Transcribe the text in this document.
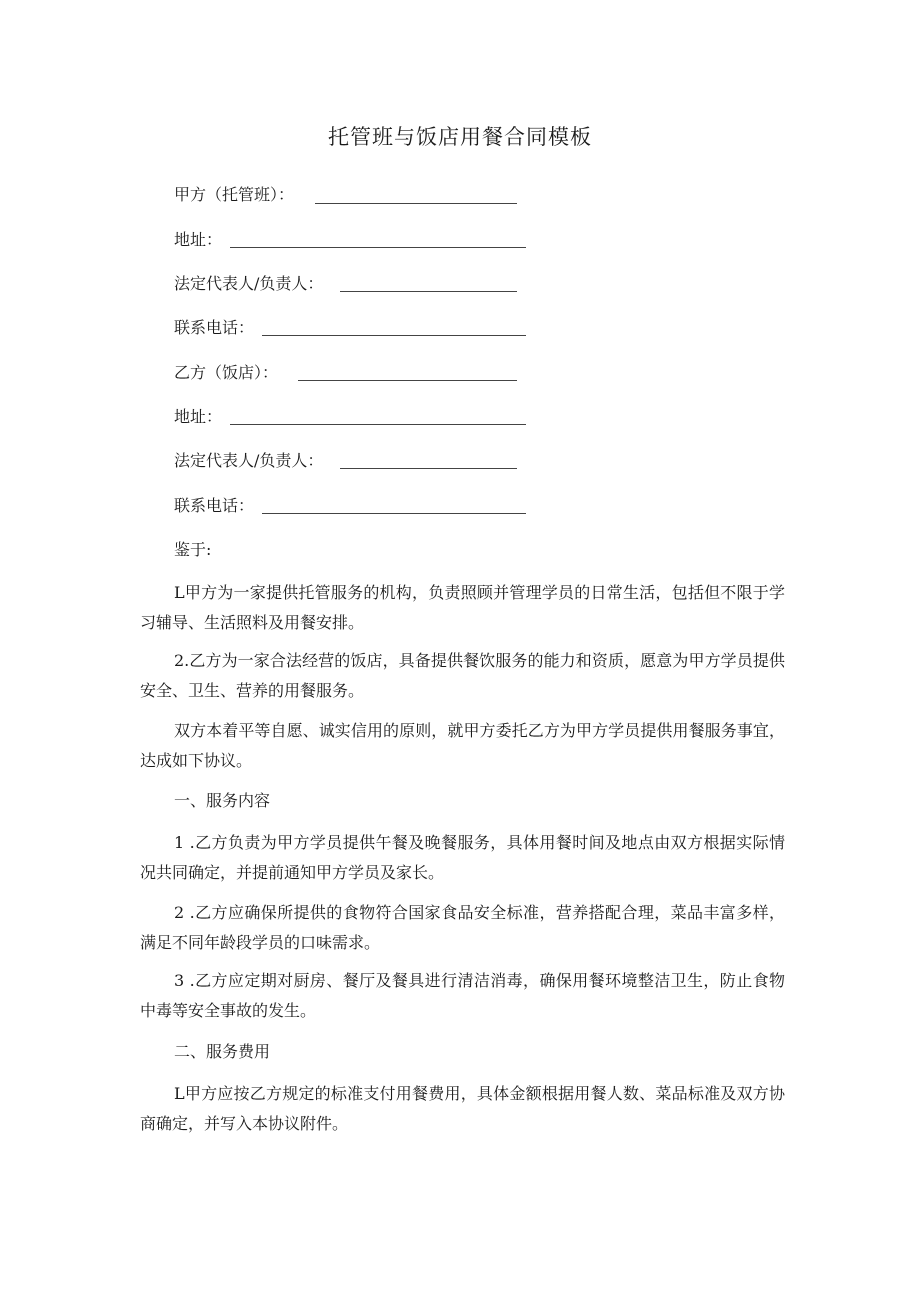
托管班与饭店用餐合同模板
甲方（托管班）：
地址：
法定代表人/负责人：
联系电话：
乙方（饭店）：
地址：
法定代表人/负责人：
联系电话：
鉴于:

L甲方为一家提供托管服务的机构，负责照顾并管理学员的日常生活，包括但不限于学习辅导、生活照料及用餐安排。

2.乙方为一家合法经营的饭店，具备提供餐饮服务的能力和资质，愿意为甲方学员提供安全、卫生、营养的用餐服务。

双方本着平等自愿、诚实信用的原则，就甲方委托乙方为甲方学员提供用餐服务事宜，达成如下协议。

一、服务内容

1 .乙方负责为甲方学员提供午餐及晚餐服务，具体用餐时间及地点由双方根据实际情况共同确定，并提前通知甲方学员及家长。

2 .乙方应确保所提供的食物符合国家食品安全标准，营养搭配合理，菜品丰富多样，满足不同年龄段学员的口味需求。

3 .乙方应定期对厨房、餐厅及餐具进行清洁消毒，确保用餐环境整洁卫生，防止食物中毒等安全事故的发生。

二、服务费用

L甲方应按乙方规定的标准支付用餐费用，具体金额根据用餐人数、菜品标准及双方协商确定，并写入本协议附件。
